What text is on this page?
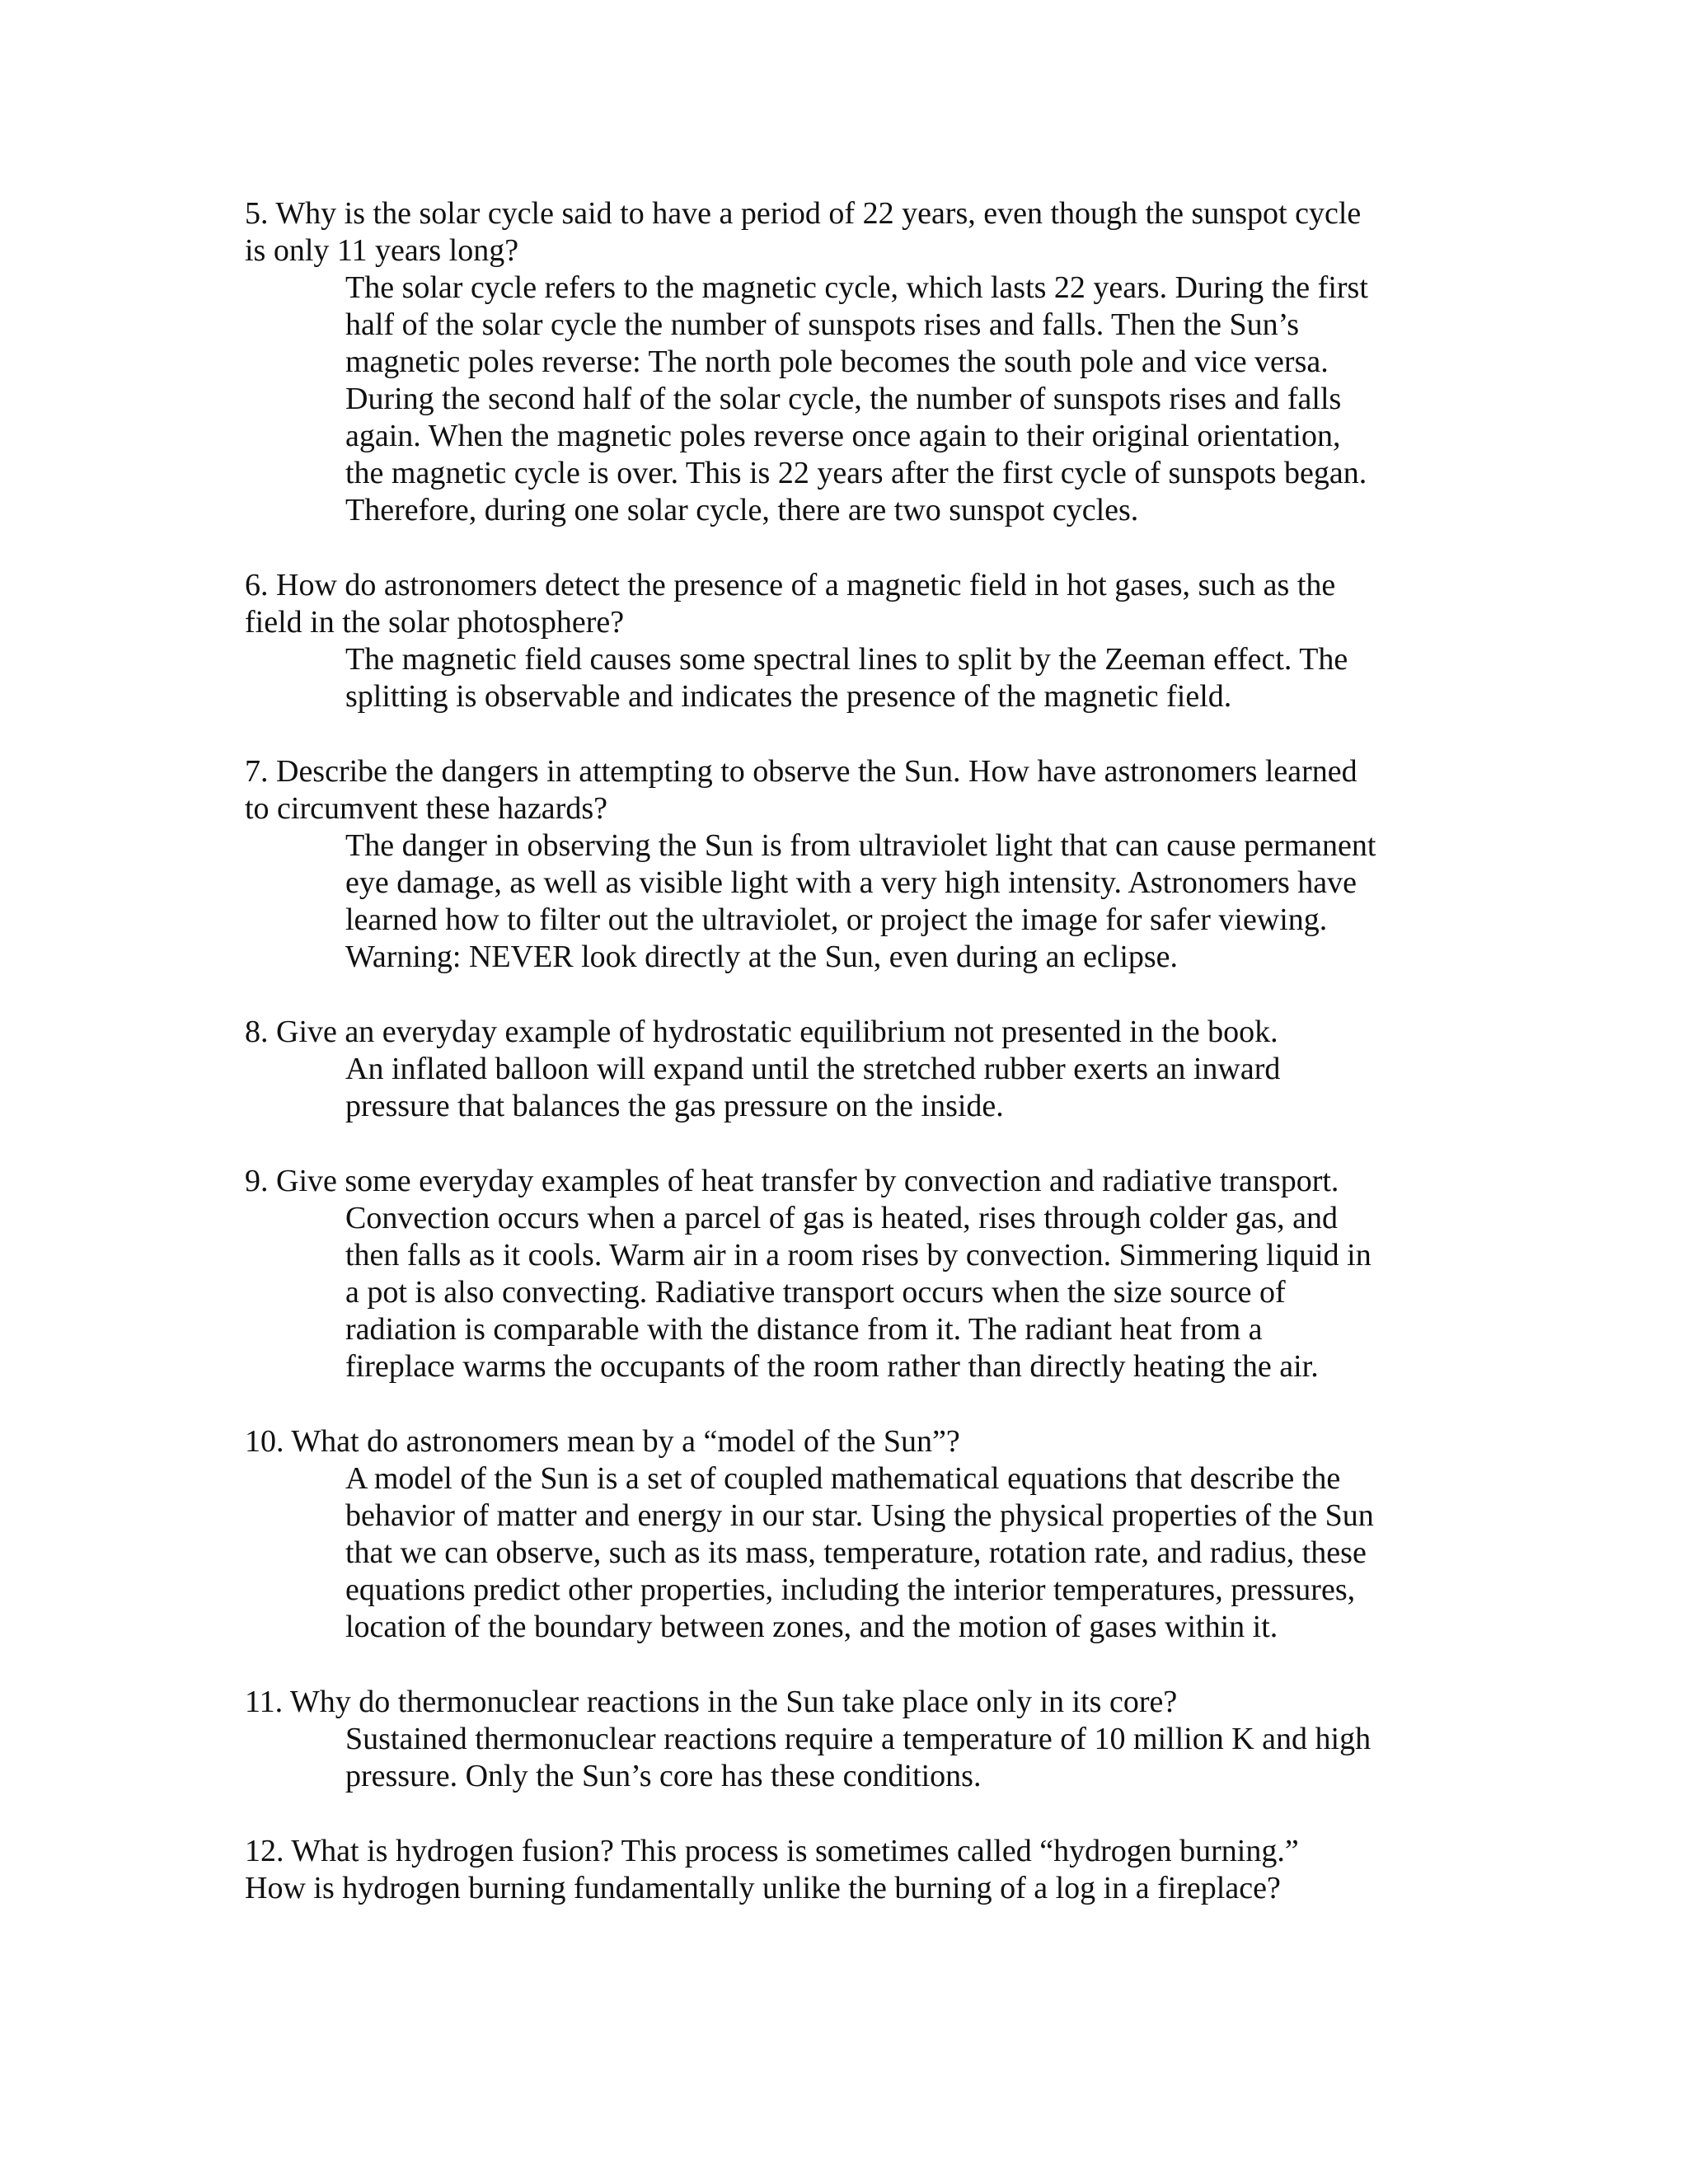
5. Why is the solar cycle said to have a period of 22 years, even though the sunspot cycle
is only 11 years long?
The solar cycle refers to the magnetic cycle, which lasts 22 years. During the first
half of the solar cycle the number of sunspots rises and falls. Then the Sun’s
magnetic poles reverse: The north pole becomes the south pole and vice versa.
During the second half of the solar cycle, the number of sunspots rises and falls
again. When the magnetic poles reverse once again to their original orientation,
the magnetic cycle is over. This is 22 years after the first cycle of sunspots began.
Therefore, during one solar cycle, there are two sunspot cycles.
6. How do astronomers detect the presence of a magnetic field in hot gases, such as the
field in the solar photosphere?
The magnetic field causes some spectral lines to split by the Zeeman effect. The
splitting is observable and indicates the presence of the magnetic field.
7. Describe the dangers in attempting to observe the Sun. How have astronomers learned
to circumvent these hazards?
The danger in observing the Sun is from ultraviolet light that can cause permanent
eye damage, as well as visible light with a very high intensity. Astronomers have
learned how to filter out the ultraviolet, or project the image for safer viewing.
Warning: NEVER look directly at the Sun, even during an eclipse.
8. Give an everyday example of hydrostatic equilibrium not presented in the book.
An inflated balloon will expand until the stretched rubber exerts an inward
pressure that balances the gas pressure on the inside.
9. Give some everyday examples of heat transfer by convection and radiative transport.
Convection occurs when a parcel of gas is heated, rises through colder gas, and
then falls as it cools. Warm air in a room rises by convection. Simmering liquid in
a pot is also convecting. Radiative transport occurs when the size source of
radiation is comparable with the distance from it. The radiant heat from a
fireplace warms the occupants of the room rather than directly heating the air.
10. What do astronomers mean by a “model of the Sun”?
A model of the Sun is a set of coupled mathematical equations that describe the
behavior of matter and energy in our star. Using the physical properties of the Sun
that we can observe, such as its mass, temperature, rotation rate, and radius, these
equations predict other properties, including the interior temperatures, pressures,
location of the boundary between zones, and the motion of gases within it.
11. Why do thermonuclear reactions in the Sun take place only in its core?
Sustained thermonuclear reactions require a temperature of 10 million K and high
pressure. Only the Sun’s core has these conditions.
12. What is hydrogen fusion? This process is sometimes called “hydrogen burning.”
How is hydrogen burning fundamentally unlike the burning of a log in a fireplace?
